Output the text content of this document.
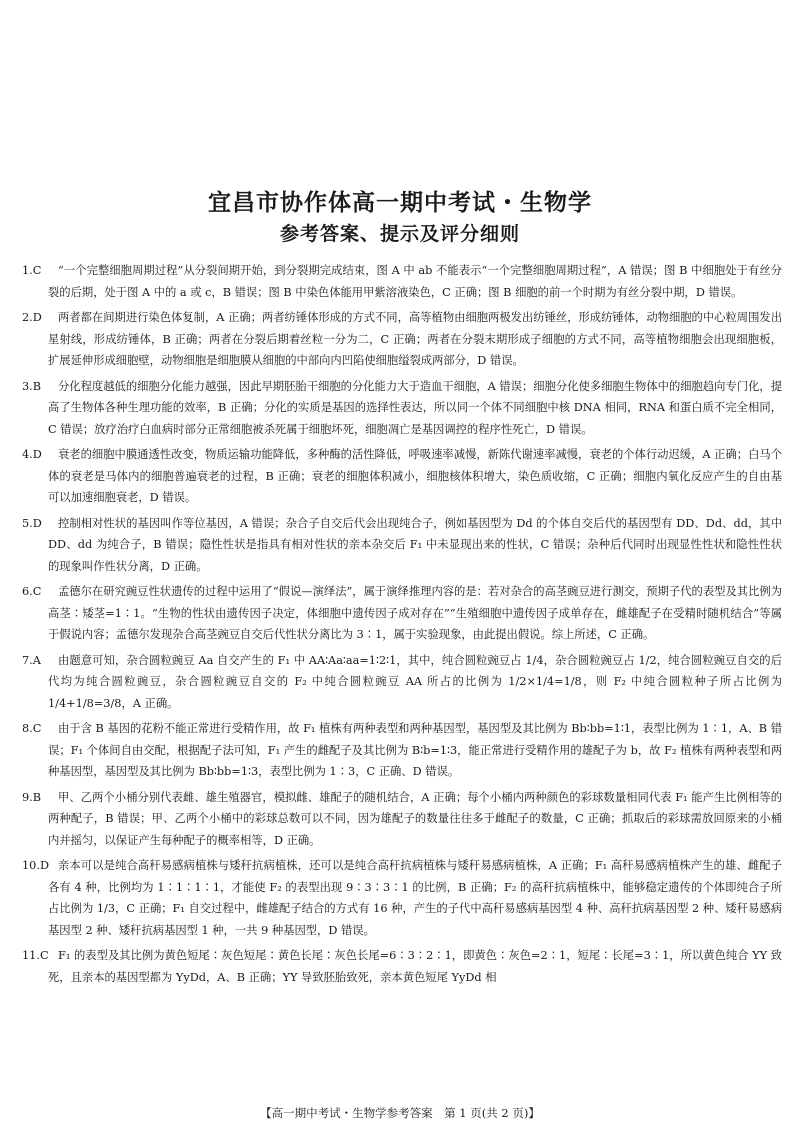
宜昌市协作体高一期中考试・生物学
参考答案、提示及评分细则
1.C	“一个完整细胞周期过程”从分裂间期开始，到分裂期完成结束，图 A 中 ab 不能表示“一个完整细胞周期过程”，A 错误；图 B 中细胞处于有丝分裂的后期，处于图 A 中的 a 或 c，B 错误；图 B 中染色体能用甲紫溶液染色，C 正确；图 B 细胞的前一个时期为有丝分裂中期，D 错误。
2.D	两者都在间期进行染色体复制，A 正确；两者纺锤体形成的方式不同，高等植物由细胞两极发出纺锤丝，形成纺锤体，动物细胞的中心粒周围发出星射线，形成纺锤体，B 正确；两者在分裂后期着丝粒一分为二，C 正确；两者在分裂末期形成子细胞的方式不同，高等植物细胞会出现细胞板，扩展延伸形成细胞壁，动物细胞是细胞膜从细胞的中部向内凹陷使细胞缢裂成两部分，D 错误。
3.B	分化程度越低的细胞分化能力越强，因此早期胚胎干细胞的分化能力大于造血干细胞，A 错误；细胞分化使多细胞生物体中的细胞趋向专门化，提高了生物体各种生理功能的效率，B 正确；分化的实质是基因的选择性表达，所以同一个体不同细胞中核 DNA 相同，RNA 和蛋白质不完全相同，C 错误；放疗治疗白血病时部分正常细胞被杀死属于细胞坏死，细胞凋亡是基因调控的程序性死亡，D 错误。
4.D	衰老的细胞中膜通透性改变，物质运输功能降低，多种酶的活性降低，呼吸速率减慢，新陈代谢速率减慢，衰老的个体行动迟缓，A 正确；白马个体的衰老是马体内的细胞普遍衰老的过程，B 正确；衰老的细胞体积减小，细胞核体积增大，染色质收缩，C 正确；细胞内氧化反应产生的自由基可以加速细胞衰老，D 错误。
5.D	控制相对性状的基因叫作等位基因，A 错误；杂合子自交后代会出现纯合子，例如基因型为 Dd 的个体自交后代的基因型有 DD、Dd、dd，其中 DD、dd 为纯合子，B 错误；隐性性状是指具有相对性状的亲本杂交后 F₁ 中未显现出来的性状，C 错误；杂种后代同时出现显性性状和隐性性状的现象叫作性状分离，D 正确。
6.C	孟德尔在研究豌豆性状遗传的过程中运用了“假说—演绎法”，属于演绎推理内容的是：若对杂合的高茎豌豆进行测交，预期子代的表型及其比例为高茎∶矮茎=1∶1。“生物的性状由遗传因子决定，体细胞中遗传因子成对存在”“生殖细胞中遗传因子成单存在，雌雄配子在受精时随机结合”等属于假说内容；孟德尔发现杂合高茎豌豆自交后代性状分离比为 3∶1，属于实验现象，由此提出假说。综上所述，C 正确。
7.A	由题意可知，杂合圆粒豌豆 Aa 自交产生的 F₁ 中 AA∶Aa∶aa=1∶2∶1，其中，纯合圆粒豌豆占 1/4，杂合圆粒豌豆占 1/2，纯合圆粒豌豆自交的后代均为纯合圆粒豌豆，杂合圆粒豌豆自交的 F₂ 中纯合圆粒豌豆 AA 所占的比例为 1/2×1/4=1/8，则 F₂ 中纯合圆粒种子所占比例为 1/4+1/8=3/8，A 正确。
8.C	由于含 B 基因的花粉不能正常进行受精作用，故 F₁ 植株有两种表型和两种基因型，基因型及其比例为 Bb∶bb=1∶1，表型比例为 1∶1，A、B 错误；F₁ 个体间自由交配，根据配子法可知，F₁ 产生的雌配子及其比例为 B∶b=1∶3，能正常进行受精作用的雄配子为 b，故 F₂ 植株有两种表型和两种基因型，基因型及其比例为 Bb∶bb=1∶3，表型比例为 1∶3，C 正确、D 错误。
9.B	甲、乙两个小桶分别代表雌、雄生殖器官，模拟雌、雄配子的随机结合，A 正确；每个小桶内两种颜色的彩球数量相同代表 F₁ 能产生比例相等的两种配子，B 错误；甲、乙两个小桶中的彩球总数可以不同，因为雄配子的数量往往多于雌配子的数量，C 正确；抓取后的彩球需放回原来的小桶内并摇匀，以保证产生每种配子的概率相等，D 正确。
10.D 亲本可以是纯合高秆易感病植株与矮秆抗病植株，还可以是纯合高秆抗病植株与矮秆易感病植株，A 正确；F₁ 高秆易感病植株产生的雄、雌配子各有 4 种，比例均为 1∶1∶1∶1，才能使 F₂ 的表型出现 9∶3∶3∶1 的比例，B 正确；F₂ 的高秆抗病植株中，能够稳定遗传的个体即纯合子所占比例为 1/3，C 正确；F₁ 自交过程中，雌雄配子结合的方式有 16 种，产生的子代中高秆易感病基因型 4 种、高秆抗病基因型 2 种、矮秆易感病基因型 2 种、矮秆抗病基因型 1 种，一共 9 种基因型，D 错误。
11.C F₁ 的表型及其比例为黄色短尾∶灰色短尾∶黄色长尾∶灰色长尾=6∶3∶2∶1，即黄色∶灰色=2∶1，短尾∶长尾=3∶1，所以黄色纯合 YY 致死，且亲本的基因型都为 YyDd，A、B 正确；YY 导致胚胎致死，亲本黄色短尾 YyDd 相
【高一期中考试・生物学参考答案　第 1 页(共 2 页)】
